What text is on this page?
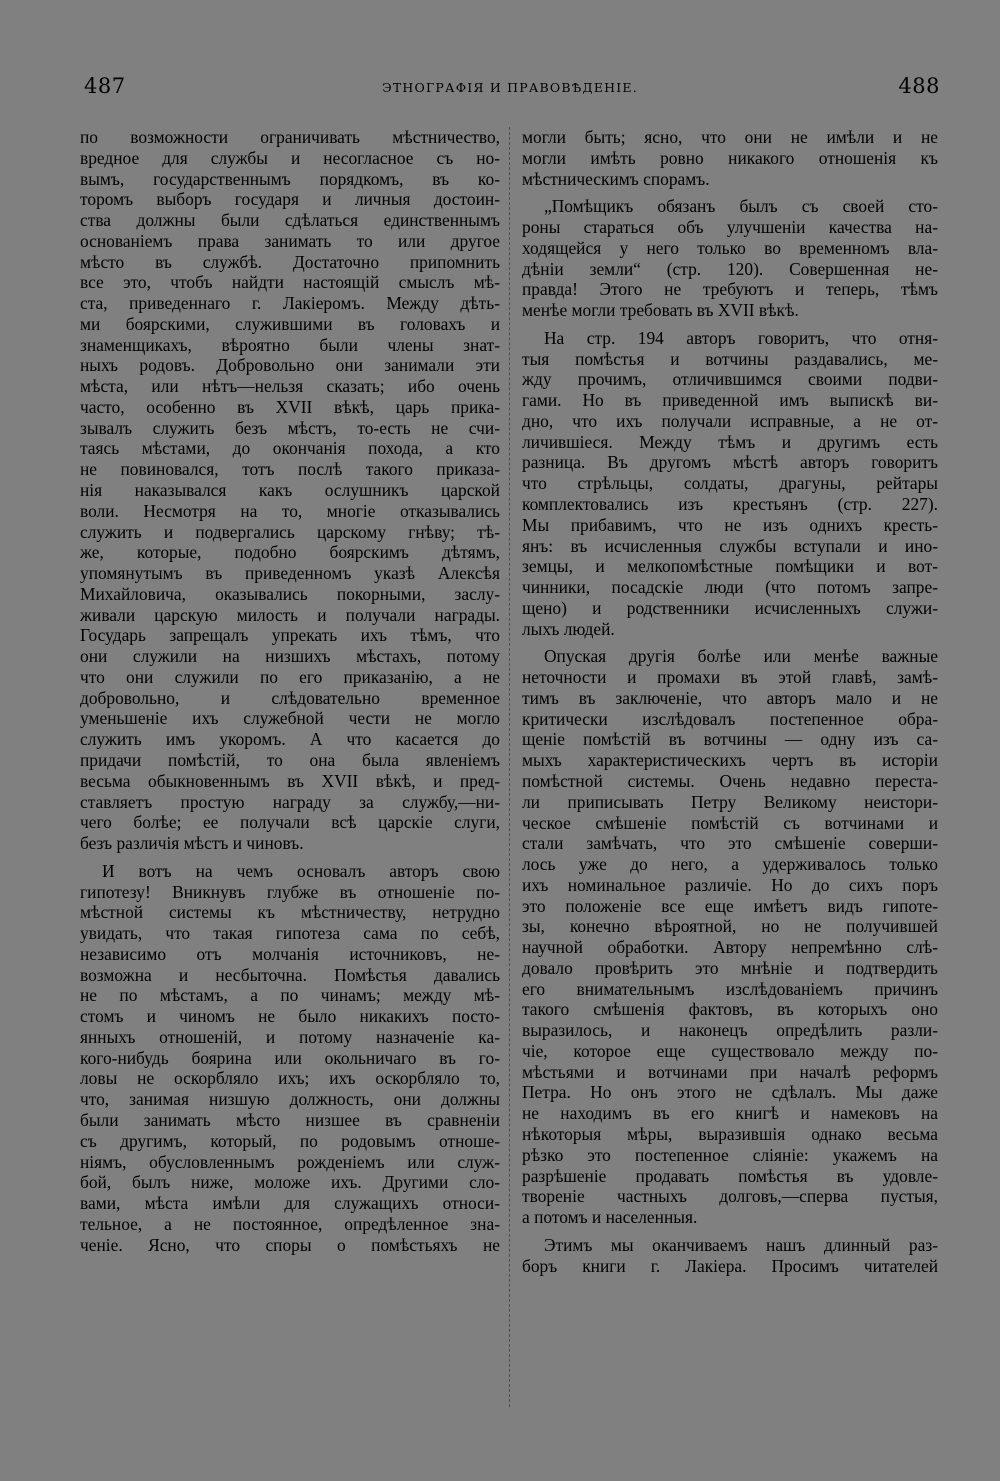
487	ЭТНОГРАФІЯ И ПРАВОВѢДЕНІЕ.	488
по возможности ограничивать мѣстничество,
вредное для службы и несогласное съ но-
вымъ, государственнымъ порядкомъ, въ ко-
торомъ выборъ государя и личныя достоин-
ства должны были сдѣлаться единственнымъ
основаніемъ права занимать то или другое
мѣсто въ службѣ. Достаточно припомнить
все это, чтобъ найдти настоящій смыслъ мѣ-
ста, приведеннаго г. Лакіеромъ. Между дѣть-
ми боярскими, служившими въ головахъ и
знаменщикахъ, вѣроятно были члены знат-
ныхъ родовъ. Добровольно они занимали эти
мѣста, или нѣтъ—нельзя сказать; ибо очень
часто, особенно въ XVII вѣкѣ, царь прика-
зывалъ служить безъ мѣстъ, то-есть не счи-
таясь мѣстами, до окончанія похода, а кто
не повиновался, тотъ послѣ такого приказа-
нія наказывался какъ ослушникъ царской
воли. Несмотря на то, многіе отказывались
служить и подвергались царскому гнѣву; тѣ-
же, которые, подобно боярскимъ дѣтямъ,
упомянутымъ въ приведенномъ указѣ Алексѣя
Михайловича, оказывались покорными, заслу-
живали царскую милость и получали награды.
Государь запрещалъ упрекать ихъ тѣмъ, что
они служили на низшихъ мѣстахъ, потому
что они служили по его приказанію, а не
добровольно, и слѣдовательно временное
уменьшеніе ихъ служебной чести не могло
служить имъ укоромъ. А что касается до
придачи помѣстій, то она была явленіемъ
весьма обыкновеннымъ въ XVII вѣкѣ, и пред-
ставляетъ простую награду за службу,—ни-
чего болѣе; ее получали всѣ царскіе слуги,
безъ различія мѣстъ и чиновъ.
И вотъ на чемъ основалъ авторъ свою
гипотезу! Вникнувъ глубже въ отношеніе по-
мѣстной системы къ мѣстничеству, нетрудно
увидать, что такая гипотеза сама по себѣ,
независимо отъ молчанія источниковъ, не-
возможна и несбыточна. Помѣстья давались
не по мѣстамъ, а по чинамъ; между мѣ-
стомъ и чиномъ не было никакихъ посто-
янныхъ отношеній, и потому назначеніе ка-
кого-нибудь боярина или окольничаго въ го-
ловы не оскорбляло ихъ; ихъ оскорбляло то,
что, занимая низшую должность, они должны
были занимать мѣсто низшее въ сравненіи
съ другимъ, который, по родовымъ отноше-
ніямъ, обусловленнымъ рожденіемъ или служ-
бой, былъ ниже, моложе ихъ. Другими сло-
вами, мѣста имѣли для служащихъ относи-
тельное, а не постоянное, опредѣленное зна-
ченіе. Ясно, что споры о помѣстьяхъ не
могли быть; ясно, что они не имѣли и не
могли имѣть ровно никакого отношенія къ
мѣстническимъ спорамъ.
„Помѣщикъ обязанъ былъ съ своей сто-
роны стараться объ улучшеніи качества на-
ходящейся у него только во временномъ вла-
дѣніи земли“ (стр. 120). Совершенная не-
правда! Этого не требуютъ и теперь, тѣмъ
менѣе могли требовать въ XVII вѣкѣ.
На стр. 194 авторъ говоритъ, что отня-
тыя помѣстья и вотчины раздавались, ме-
жду прочимъ, отличившимся своими подви-
гами. Но въ приведенной имъ выпискѣ ви-
дно, что ихъ получали исправные, а не от-
личившіеся. Между тѣмъ и другимъ есть
разница. Въ другомъ мѣстѣ авторъ говоритъ
что стрѣльцы, солдаты, драгуны, рейтары
комплектовались изъ крестьянъ (стр. 227).
Мы прибавимъ, что не изъ однихъ кресть-
янъ: въ исчисленныя службы вступали и ино-
земцы, и мелкопомѣстные помѣщики и вот-
чинники, посадскіе люди (что потомъ запре-
щено) и родственники исчисленныхъ служи-
лыхъ людей.
Опуская другія болѣе или менѣе важные
неточности и промахи въ этой главѣ, замѣ-
тимъ въ заключеніе, что авторъ мало и не
критически изслѣдовалъ постепенное обра-
щеніе помѣстій въ вотчины — одну изъ са-
мыхъ характеристическихъ чертъ въ исторіи
помѣстной системы. Очень недавно переста-
ли приписывать Петру Великому неистори-
ческое смѣшеніе помѣстій съ вотчинами и
стали замѣчать, что это смѣшеніе соверши-
лось уже до него, а удерживалось только
ихъ номинальное различіе. Но до сихъ поръ
это положеніе все еще имѣетъ видъ гипоте-
зы, конечно вѣроятной, но не получившей
научной обработки. Автору непремѣнно слѣ-
довало провѣрить это мнѣніе и подтвердить
его внимательнымъ изслѣдованіемъ причинъ
такого смѣшенія фактовъ, въ которыхъ оно
выразилось, и наконецъ опредѣлить разли-
чіе, которое еще существовало между по-
мѣстьями и вотчинами при началѣ реформъ
Петра. Но онъ этого не сдѣлалъ. Мы даже
не находимъ въ его книгѣ и намековъ на
нѣкоторыя мѣры, выразившія однако весьма
рѣзко это постепенное сліяніе: укажемъ на
разрѣшеніе продавать помѣстья въ удовле-
твореніе частныхъ долговъ,—сперва пустыя,
а потомъ и населенныя.
Этимъ мы оканчиваемъ нашъ длинный раз-
боръ книги г. Лакіера. Просимъ читателей
